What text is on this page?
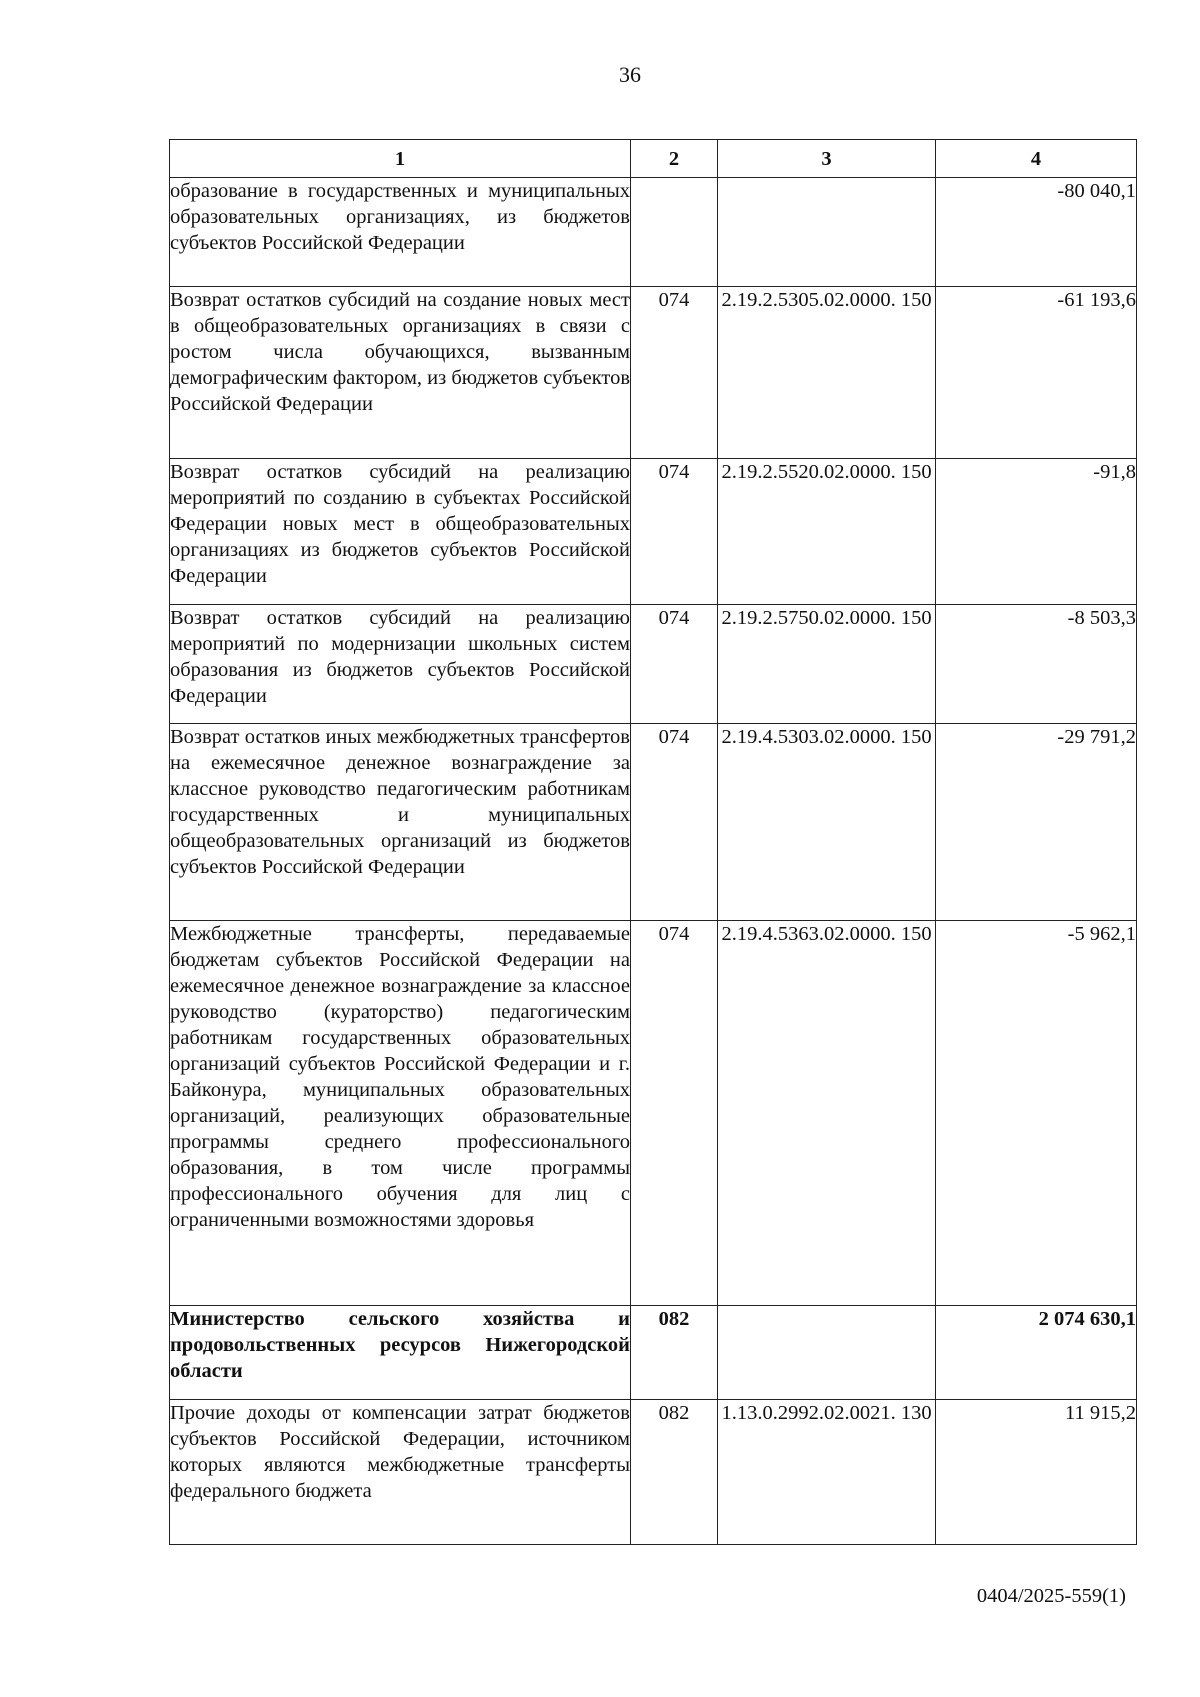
36
1	2	3	4
образование в государственных и муниципальных образовательных организациях, из бюджетов субъектов Российской Федерации			-80 040,1
Возврат остатков субсидий на создание новых мест в общеобразовательных организациях в связи с ростом числа обучающихся, вызванным демографическим фактором, из бюджетов субъектов Российской Федерации	074	2.19.2.5305.02.0000. 150	-61 193,6
Возврат остатков субсидий на реализацию мероприятий по созданию в субъектах Российской Федерации новых мест в общеобразовательных организациях из бюджетов субъектов Российской Федерации	074	2.19.2.5520.02.0000. 150	-91,8
Возврат остатков субсидий на реализацию мероприятий по модернизации школьных систем образования из бюджетов субъектов Российской Федерации	074	2.19.2.5750.02.0000. 150	-8 503,3
Возврат остатков иных межбюджетных трансфертов на ежемесячное денежное вознаграждение за классное руководство педагогическим работникам государственных и муниципальных общеобразовательных организаций из бюджетов субъектов Российской Федерации	074	2.19.4.5303.02.0000. 150	-29 791,2
Межбюджетные трансферты, передаваемые бюджетам субъектов Российской Федерации на ежемесячное денежное вознаграждение за классное руководство (кураторство) педагогическим работникам государственных образовательных организаций субъектов Российской Федерации и г. Байконура, муниципальных образовательных организаций, реализующих образовательные программы среднего профессионального образования, в том числе программы профессионального обучения для лиц с ограниченными возможностями здоровья	074	2.19.4.5363.02.0000. 150	-5 962,1
Министерство сельского хозяйства и продовольственных ресурсов Нижегородской области	082		2 074 630,1
Прочие доходы от компенсации затрат бюджетов субъектов Российской Федерации, источником которых являются межбюджетные трансферты федерального бюджета	082	1.13.0.2992.02.0021. 130	11 915,2
0404/2025-559(1)
